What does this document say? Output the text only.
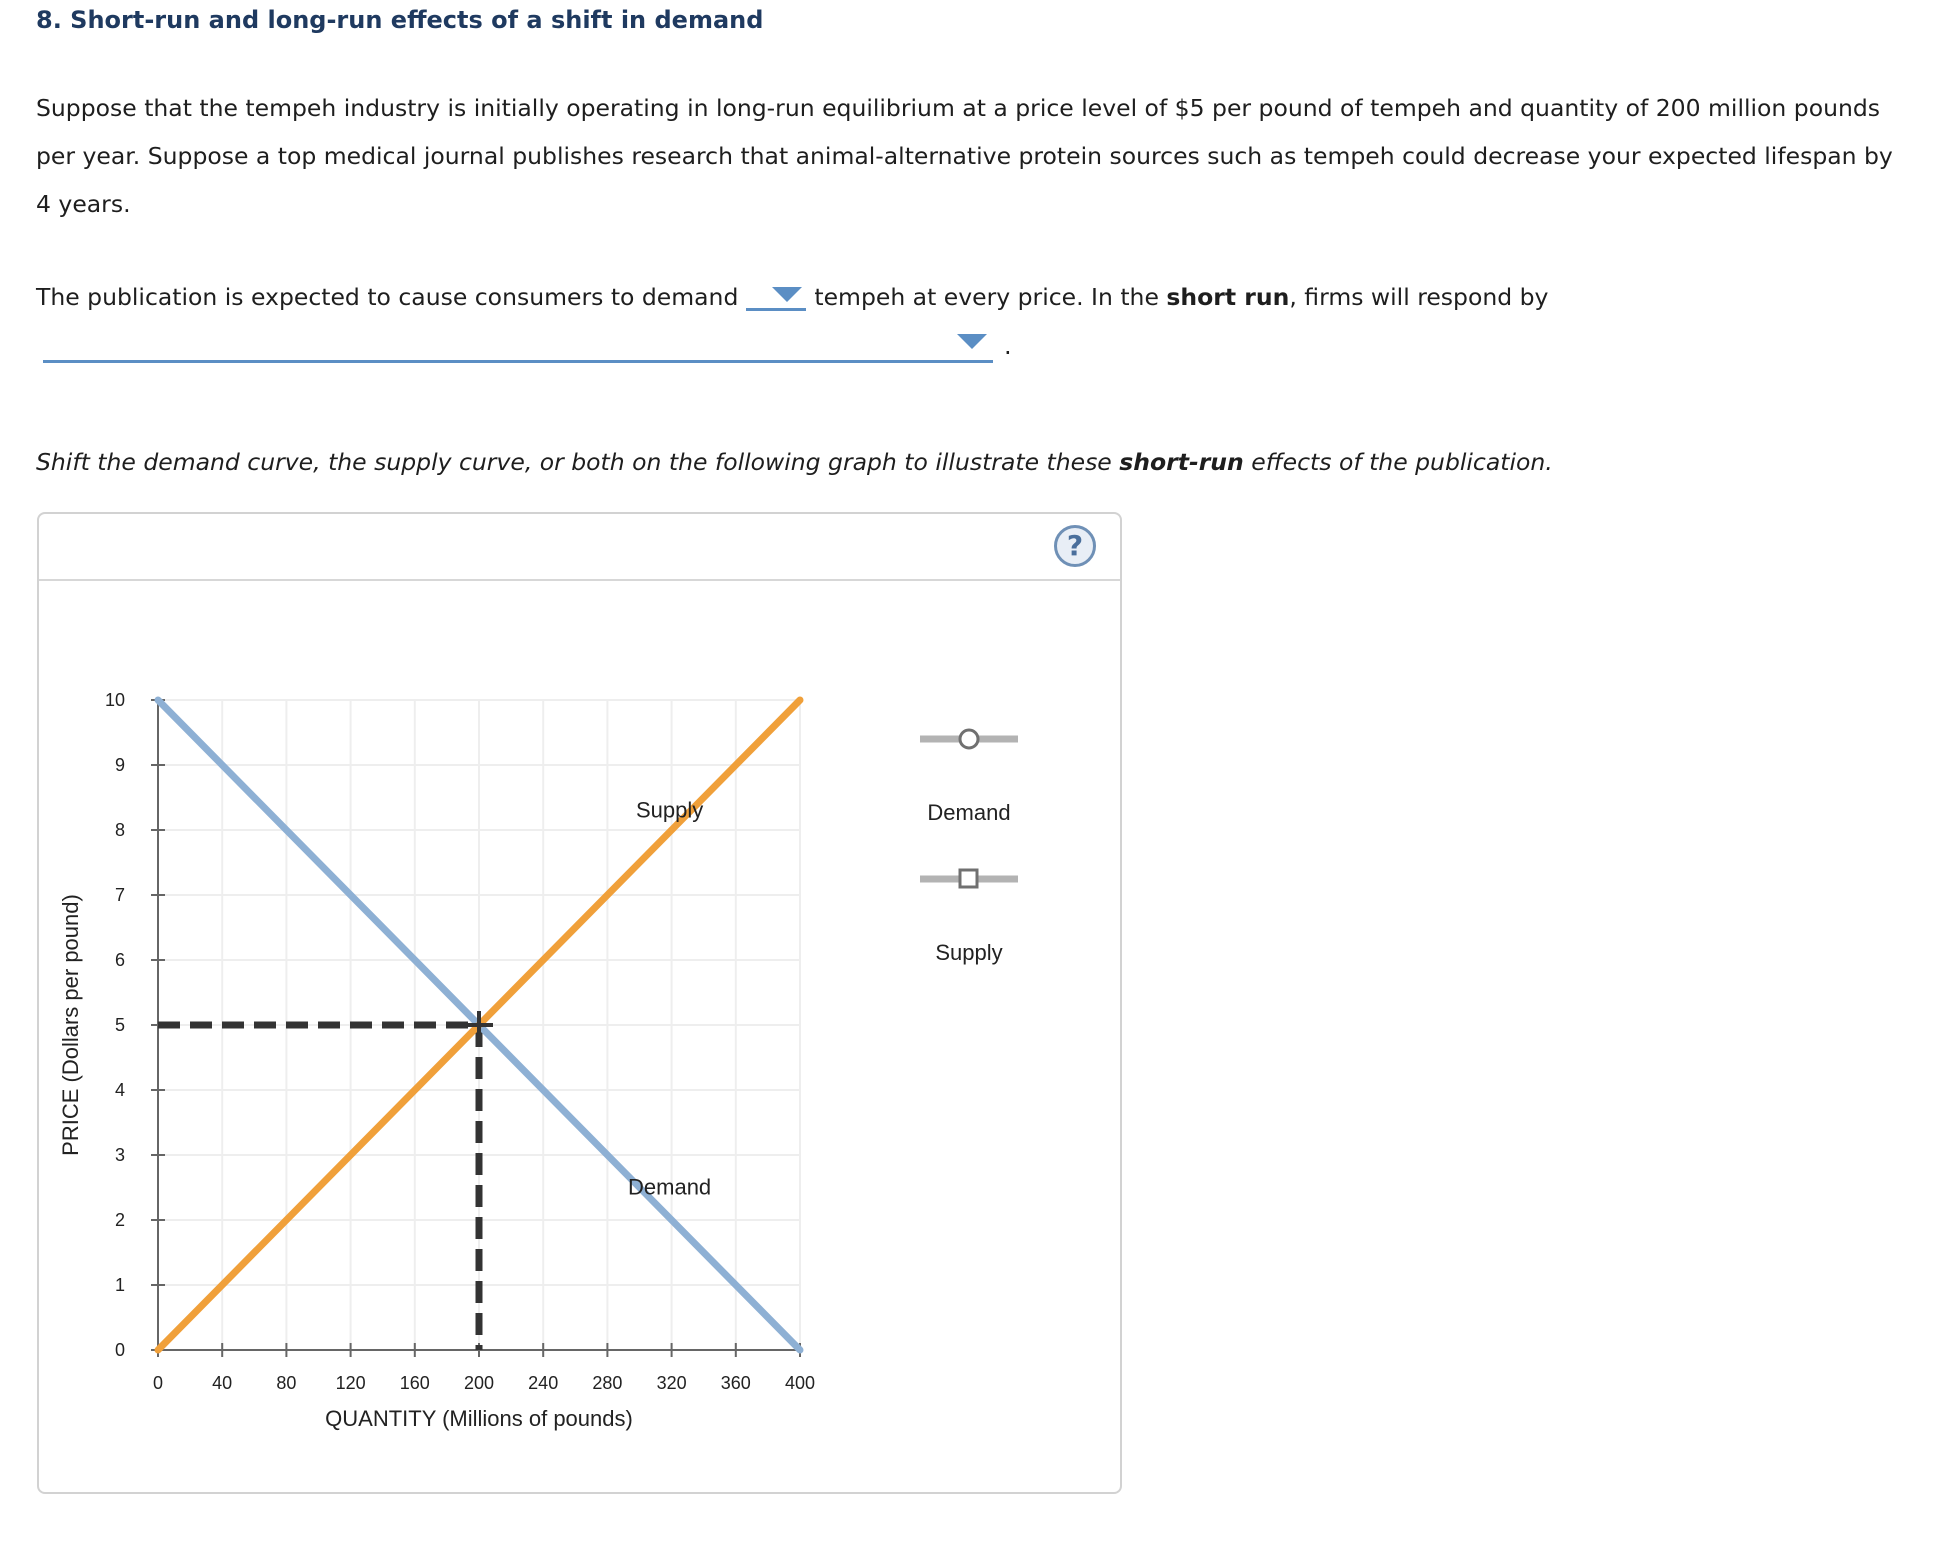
8. Short-run and long-run effects of a shift in demand
Suppose that the tempeh industry is initially operating in long-run equilibrium at a price level of $5 per pound of tempeh and quantity of 200 million pounds per year. Suppose a top medical journal publishes research that animal-alternative protein sources such as tempeh could decrease your expected lifespan by 4 years.
The publication is expected to cause consumers to demand	tempeh at every price. In the short run, firms will respond by
.
Shift the demand curve, the supply curve, or both on the following graph to illustrate these short-run effects of the publication.
?
0
1
2
3
4
5
6
7
8
9
10
0	40 80 120 160 200 240 280 320 360 400
QUANTITY (Millions of pounds)
PRICE (Dollars per pound)
Demand
Supply	Demand
Supply
